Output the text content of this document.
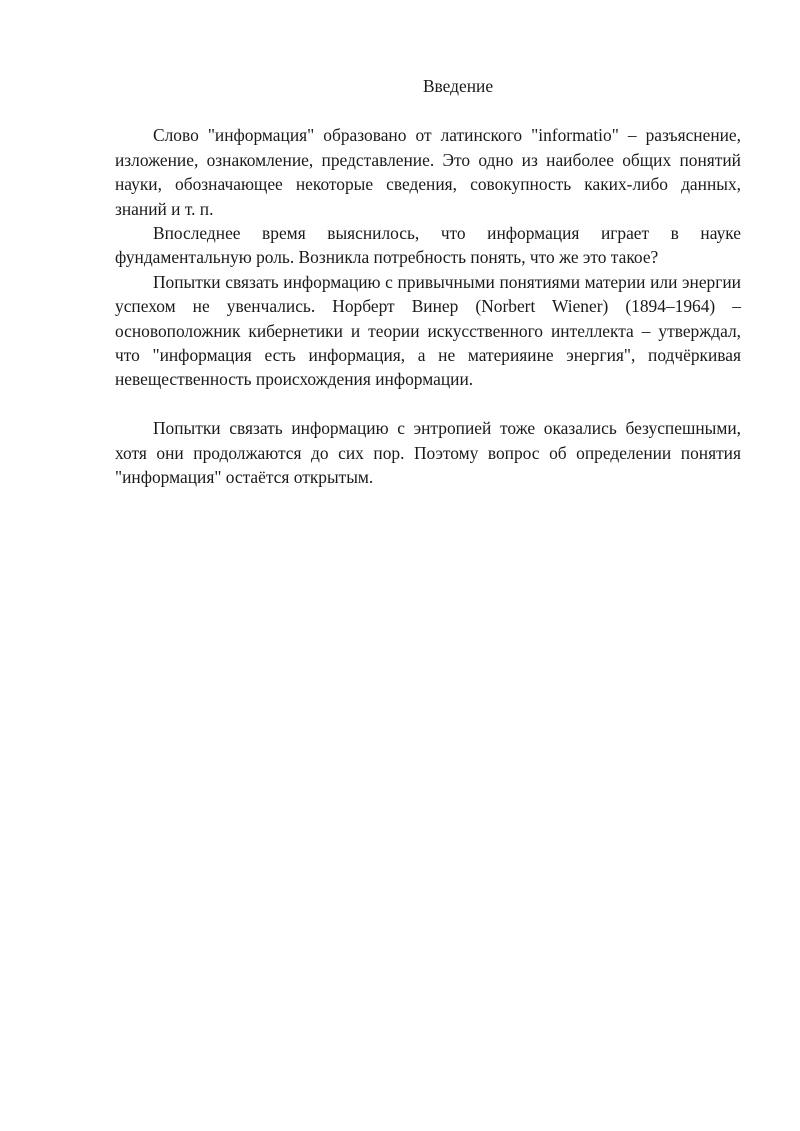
Введение

Слово "информация" образовано от латинского "informatio" – разъяснение, изложение, ознакомление, представление. Это одно из наиболее общих понятий науки, обозначающее некоторые сведения, совокупность каких-либо данных, знаний и т. п.

Впоследнее время выяснилось, что информация играет в науке фундаментальную роль. Возникла потребность понять, что же это такое?

Попытки связать информацию с привычными понятиями материи или энергии успехом не увенчались. Норберт Винер (Norbert Wiener) (1894–1964) – основоположник кибернетики и теории искусственного интеллекта – утверждал, что "информация есть информация, а не материяине энергия", подчёркивая невещественность происхождения информации.

Попытки связать информацию с энтропией тоже оказались безуспешными, хотя они продолжаются до сих пор. Поэтому вопрос об определении понятия "информация" остаётся открытым.
